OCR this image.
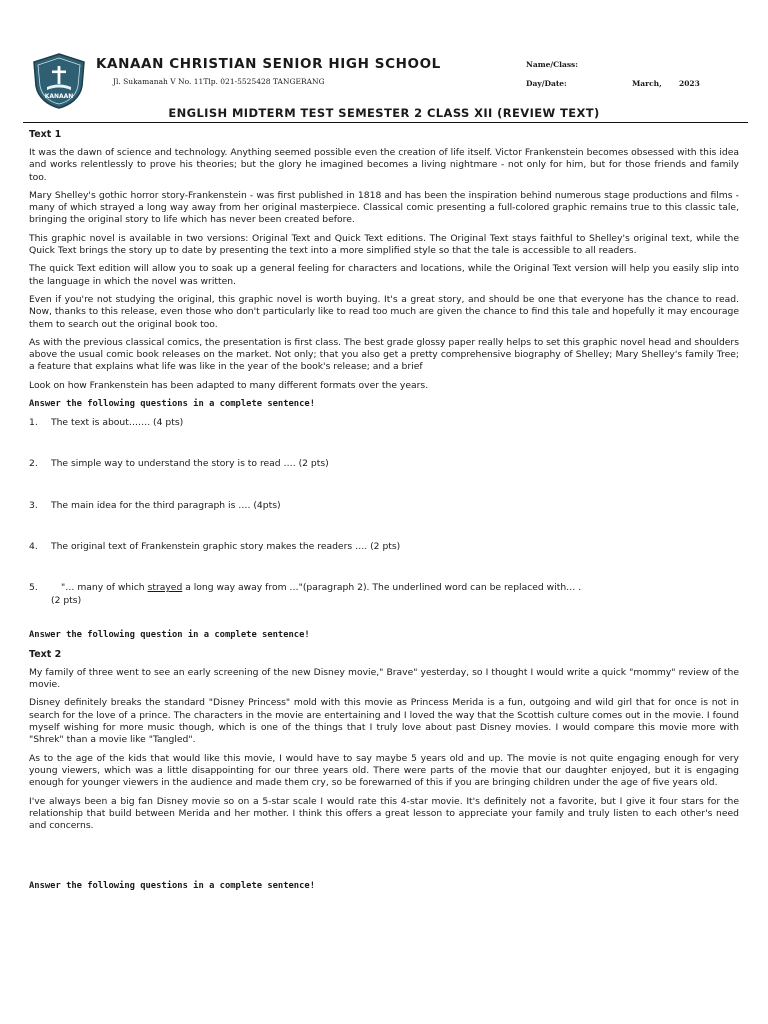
KANAAN
KANAAN CHRISTIAN SENIOR HIGH SCHOOL
Jl. Sukamanah V No. 11Tlp. 021-5525428 TANGERANG
Name/Class:
Day/Date:	March, 2023
ENGLISH MIDTERM TEST SEMESTER 2 CLASS XII (REVIEW TEXT)
Text 1

It was the dawn of science and technology. Anything seemed possible even the creation of life itself. Victor Frankenstein becomes obsessed with this idea and works relentlessly to prove his theories; but the glory he imagined becomes a living nightmare - not only for him, but for those friends and family too.

Mary Shelley's gothic horror story-Frankenstein - was first published in 1818 and has been the inspiration behind numerous stage productions and films - many of which strayed a long way away from her original masterpiece. Classical comic presenting a full-colored graphic remains true to this classic tale, bringing the original story to life which has never been created before.

This graphic novel is available in two versions: Original Text and Quick Text editions. The Original Text stays faithful to Shelley's original text, while the Quick Text brings the story up to date by presenting the text into a more simplified style so that the tale is accessible to all readers.

The quick Text edition will allow you to soak up a general feeling for characters and locations, while the Original Text version will help you easily slip into the language in which the novel was written.

Even if you're not studying the original, this graphic novel is worth buying. It's a great story, and should be one that everyone has the chance to read. Now, thanks to this release, even those who don't particularly like to read too much are given the chance to find this tale and hopefully it may encourage them to search out the original book too.

As with the previous classical comics, the presentation is first class. The best grade glossy paper really helps to set this graphic novel head and shoulders above the usual comic book releases on the market. Not only; that you also get a pretty comprehensive biography of Shelley; Mary Shelley's family Tree; a feature that explains what life was like in the year of the book's release; and a brief

Look on how Frankenstein has been adapted to many different formats over the years.

Answer the following questions in a complete sentence!
1. The text is about……. (4 pts)
2. The simple way to understand the story is to read …. (2 pts)
3. The main idea for the third paragraph is …. (4pts)
4. The original text of Frankenstein graphic story makes the readers …. (2 pts)
5.	"… many of which strayed a long way away from …"(paragraph 2). The underlined word can be replaced with… .
(2 pts)
Answer the following question in a complete sentence!
Text 2

My family of three went to see an early screening of the new Disney movie," Brave" yesterday, so I thought I would write a quick "mommy" review of the movie.

Disney definitely breaks the standard "Disney Princess" mold with this movie as Princess Merida is a fun, outgoing and wild girl that for once is not in search for the love of a prince. The characters in the movie are entertaining and I loved the way that the Scottish culture comes out in the movie. I found myself wishing for more music though, which is one of the things that I truly love about past Disney movies. I would compare this movie more with "Shrek" than a movie like "Tangled".

As to the age of the kids that would like this movie, I would have to say maybe 5 years old and up. The movie is not quite engaging enough for very young viewers, which was a little disappointing for our three years old. There were parts of the movie that our daughter enjoyed, but it is engaging enough for younger viewers in the audience and made them cry, so be forewarned of this if you are bringing children under the age of five years old.

I've always been a big fan Disney movie so on a 5-star scale I would rate this 4-star movie. It's definitely not a favorite, but I give it four stars for the relationship that build between Merida and her mother. I think this offers a great lesson to appreciate your family and truly listen to each other's need and concerns.

Answer the following questions in a complete sentence!
